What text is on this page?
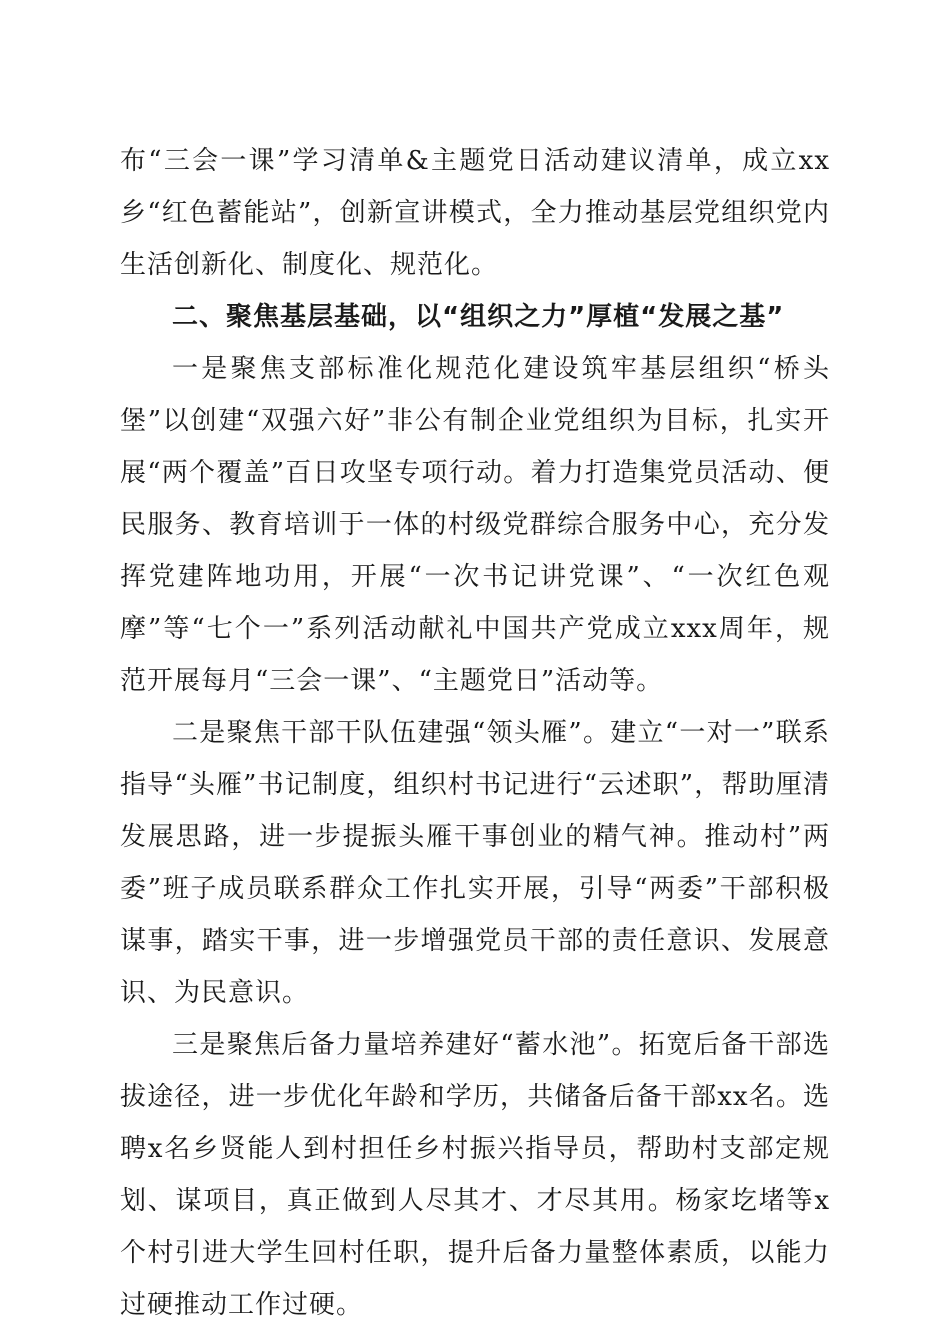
布“三会一课”学习清单&主题党日活动建议清单，成立xx乡“红色蓄能站”，创新宣讲模式，全力推动基层党组织党内生活创新化、制度化、规范化。

二、聚焦基层基础，以“组织之力”厚植“发展之基”

一是聚焦支部标准化规范化建设筑牢基层组织“桥头堡”以创建“双强六好”非公有制企业党组织为目标，扎实开展“两个覆盖”百日攻坚专项行动。着力打造集党员活动、便民服务、教育培训于一体的村级党群综合服务中心，充分发挥党建阵地功用，开展“一次书记讲党课”、“一次红色观摩”等“七个一”系列活动献礼中国共产党成立xxx周年，规范开展每月“三会一课”、“主题党日”活动等。

二是聚焦干部干队伍建强“领头雁”。建立“一对一”联系指导“头雁”书记制度，组织村书记进行“云述职”，帮助厘清发展思路，进一步提振头雁干事创业的精气神。推动村”两委”班子成员联系群众工作扎实开展，引导“两委”干部积极谋事，踏实干事，进一步增强党员干部的责任意识、发展意识、为民意识。

三是聚焦后备力量培养建好“蓄水池”。拓宽后备干部选拔途径，进一步优化年龄和学历，共储备后备干部xx名。选聘x名乡贤能人到村担任乡村振兴指导员，帮助村支部定规划、谋项目，真正做到人尽其才、才尽其用。杨家圪堵等x个村引进大学生回村任职，提升后备力量整体素质，以能力过硬推动工作过硬。
